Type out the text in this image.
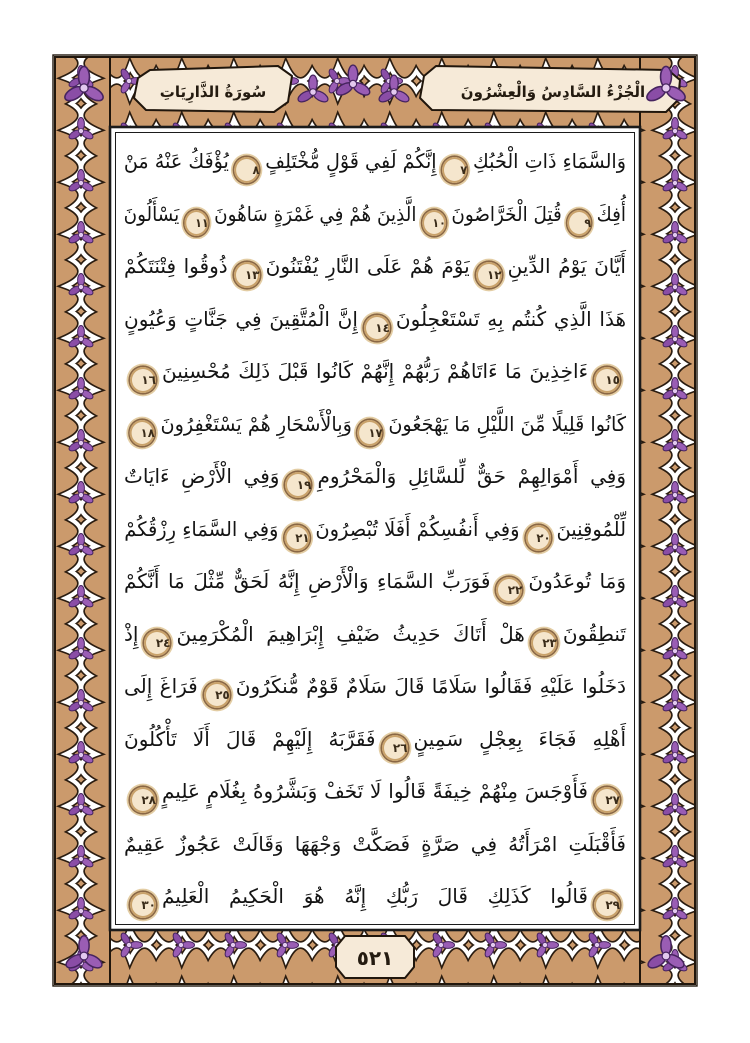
الْجُزْءُ السَّادِسُ وَالْعِشْرُونَ
سُورَةُ الذَّارِيَاتِ
وَالسَّمَاءِ ذَاتِ الْحُبُكِ٧إِنَّكُمْ لَفِي قَوْلٍ مُّخْتَلِفٍ٨يُؤْفَكُ عَنْهُ مَنْ
أُفِكَ٩قُتِلَ الْخَرَّاصُونَ١٠الَّذِينَ هُمْ فِي غَمْرَةٍ سَاهُونَ١١يَسْأَلُونَ
أَيَّانَ يَوْمُ الدِّينِ١٢يَوْمَ هُمْ عَلَى النَّارِ يُفْتَنُونَ١٣ذُوقُوا فِتْنَتَكُمْ
هَذَا الَّذِي كُنتُم بِهِ تَسْتَعْجِلُونَ١٤إِنَّ الْمُتَّقِينَ فِي جَنَّاتٍ وَعُيُونٍ
١٥ءَاخِذِينَ مَا ءَاتَاهُمْ رَبُّهُمْ إِنَّهُمْ كَانُوا قَبْلَ ذَلِكَ مُحْسِنِينَ١٦
كَانُوا قَلِيلًا مِّنَ اللَّيْلِ مَا يَهْجَعُونَ١٧وَبِالْأَسْحَارِ هُمْ يَسْتَغْفِرُونَ١٨
وَفِي أَمْوَالِهِمْ حَقٌّ لِّلسَّائِلِ وَالْمَحْرُومِ١٩وَفِي الْأَرْضِ ءَايَاتٌ
لِّلْمُوقِنِينَ٢٠وَفِي أَنفُسِكُمْ أَفَلَا تُبْصِرُونَ٢١وَفِي السَّمَاءِ رِزْقُكُمْ
وَمَا تُوعَدُونَ٢٢فَوَرَبِّ السَّمَاءِ وَالْأَرْضِ إِنَّهُ لَحَقٌّ مِّثْلَ مَا أَنَّكُمْ
تَنطِقُونَ٢٣هَلْ أَتَاكَ حَدِيثُ ضَيْفِ إِبْرَاهِيمَ الْمُكْرَمِينَ٢٤إِذْ
دَخَلُوا عَلَيْهِ فَقَالُوا سَلَامًا قَالَ سَلَامٌ قَوْمٌ مُّنكَرُونَ٢٥فَرَاغَ إِلَى
أَهْلِهِ فَجَاءَ بِعِجْلٍ سَمِينٍ٢٦فَقَرَّبَهُ إِلَيْهِمْ قَالَ أَلَا تَأْكُلُونَ
٢٧فَأَوْجَسَ مِنْهُمْ خِيفَةً قَالُوا لَا تَخَفْ وَبَشَّرُوهُ بِغُلَامٍ عَلِيمٍ٢٨
فَأَقْبَلَتِ امْرَأَتُهُ فِي صَرَّةٍ فَصَكَّتْ وَجْهَهَا وَقَالَتْ عَجُوزٌ عَقِيمٌ
٢٩قَالُوا كَذَلِكِ قَالَ رَبُّكِ إِنَّهُ هُوَ الْحَكِيمُ الْعَلِيمُ٣٠
٥٢١
